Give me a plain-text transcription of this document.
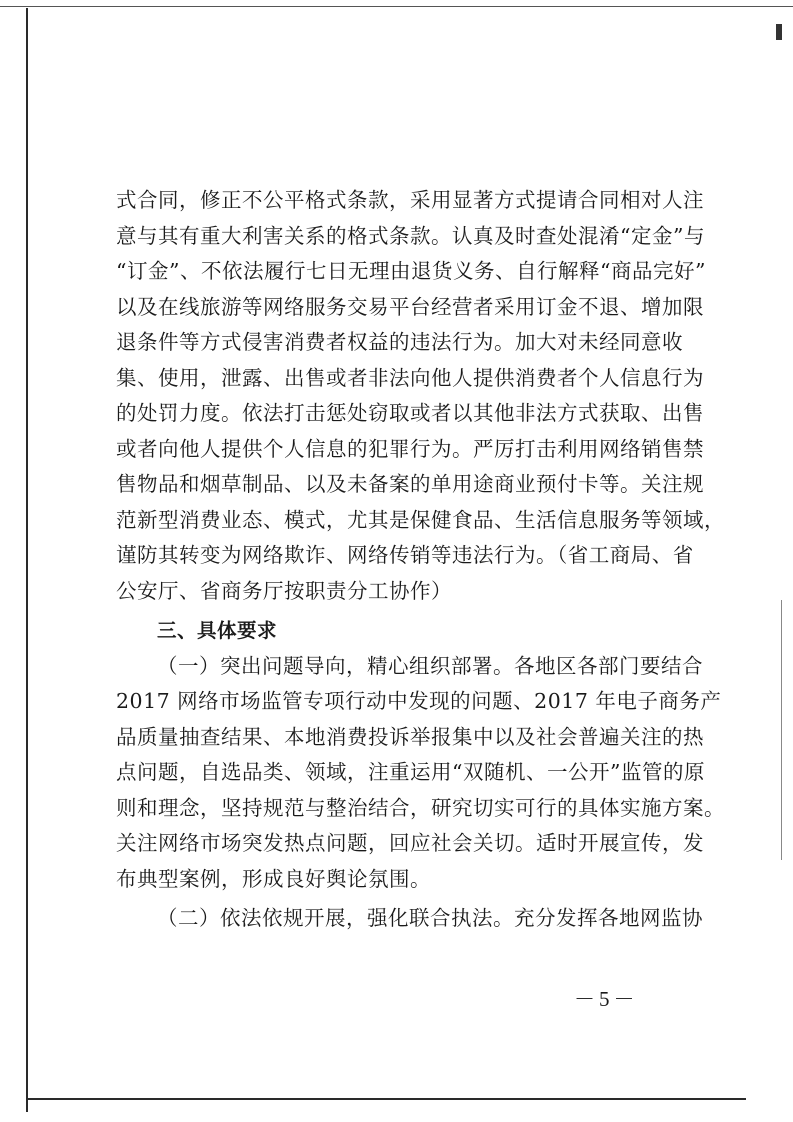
式合同，修正不公平格式条款，采用显著方式提请合同相对人注
意与其有重大利害关系的格式条款。认真及时查处混淆“定金”与
“订金”、不依法履行七日无理由退货义务、自行解释“商品完好”
以及在线旅游等网络服务交易平台经营者采用订金不退、增加限
退条件等方式侵害消费者权益的违法行为。加大对未经同意收
集、使用，泄露、出售或者非法向他人提供消费者个人信息行为
的处罚力度。依法打击惩处窃取或者以其他非法方式获取、出售
或者向他人提供个人信息的犯罪行为。严厉打击利用网络销售禁
售物品和烟草制品、以及未备案的单用途商业预付卡等。关注规
范新型消费业态、模式，尤其是保健食品、生活信息服务等领域，
谨防其转变为网络欺诈、网络传销等违法行为。（省工商局、省
公安厅、省商务厅按职责分工协作）
三、具体要求
（一）突出问题导向，精心组织部署。各地区各部门要结合
2017 网络市场监管专项行动中发现的问题、2017 年电子商务产
品质量抽查结果、本地消费投诉举报集中以及社会普遍关注的热
点问题，自选品类、领域，注重运用“双随机、一公开”监管的原
则和理念，坚持规范与整治结合，研究切实可行的具体实施方案。
关注网络市场突发热点问题，回应社会关切。适时开展宣传，发
布典型案例，形成良好舆论氛围。
（二）依法依规开展，强化联合执法。充分发挥各地网监协
－5－
